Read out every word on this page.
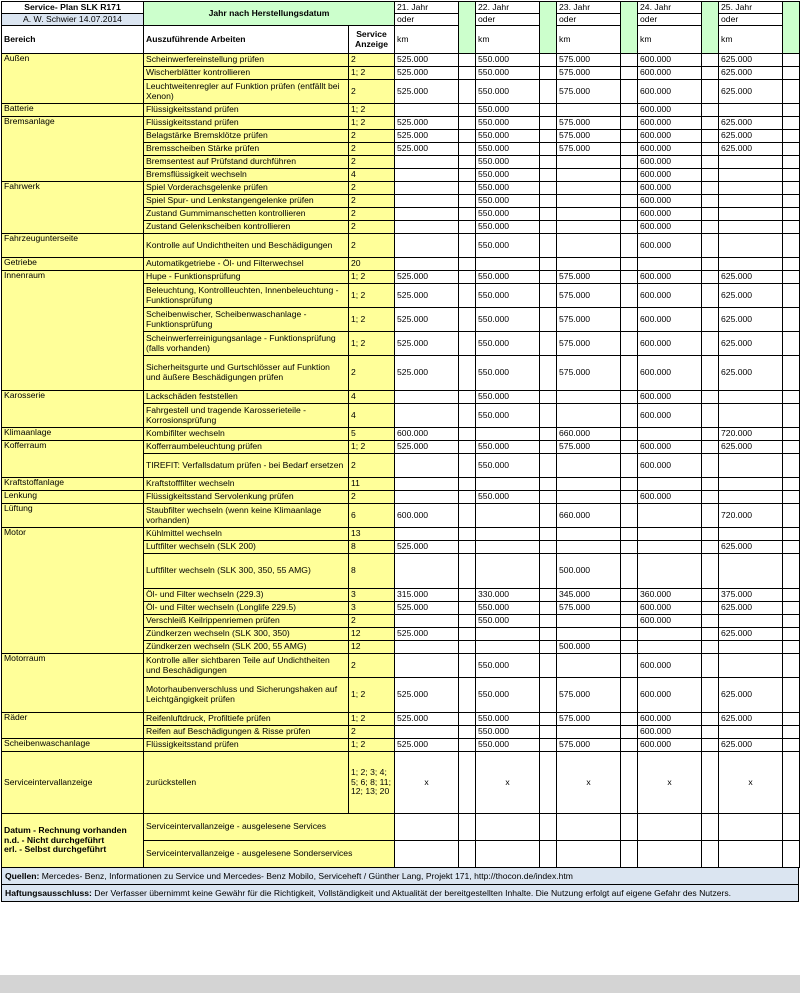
Service- Plan SLK R171	Jahr nach Herstellungsdatum		21. Jahr		22. Jahr		23. Jahr		24. Jahr		25. Jahr	
A. W. Schwier 14.07.2014			oder		oder		oder		oder		oder	
Bereich	Auszuführende Arbeiten	Service Anzeige	km		km		km		km		km	
Außen	Scheinwerfereinstellung prüfen	2	525.000		550.000		575.000		600.000		625.000	
	Wischerblätter kontrollieren	1; 2	525.000		550.000		575.000		600.000		625.000	
	Leuchtweitenregler auf Funktion prüfen (entfällt bei Xenon)	2	525.000		550.000		575.000		600.000		625.000	
Batterie	Flüssigkeitsstand prüfen	1; 2			550.000				600.000			
Bremsanlage	Flüssigkeitsstand prüfen	1; 2	525.000		550.000		575.000		600.000		625.000	
	Belagstärke Bremsklötze prüfen	2	525.000		550.000		575.000		600.000		625.000	
	Bremsscheiben Stärke prüfen	2	525.000		550.000		575.000		600.000		625.000	
	Bremsentest auf Prüfstand durchführen	2			550.000				600.000			
	Bremsflüssigkeit wechseln	4			550.000				600.000			
Fahrwerk	Spiel Vorderachsgelenke prüfen	2			550.000				600.000			
	Spiel Spur- und Lenkstangengelenke prüfen	2			550.000				600.000			
	Zustand Gummimanschetten kontrollieren	2			550.000				600.000			
	Zustand Gelenkscheiben kontrollieren	2			550.000				600.000			
Fahrzeugunterseite	Kontrolle auf Undichtheiten und Beschädigungen	2			550.000				600.000			
Getriebe	Automatikgetriebe - Öl- und Filterwechsel	20										
Innenraum	Hupe - Funktionsprüfung	1; 2	525.000		550.000		575.000		600.000		625.000	
	Beleuchtung, Kontrollleuchten, Innenbeleuchtung - Funktionsprüfung	1; 2	525.000		550.000		575.000		600.000		625.000	
	Scheibenwischer, Scheibenwaschanlage - Funktionsprüfung	1; 2	525.000		550.000		575.000		600.000		625.000	
	Scheinwerferreinigungsanlage - Funktionsprüfung (falls vorhanden)	1; 2	525.000		550.000		575.000		600.000		625.000	
	Sicherheitsgurte und Gurtschlösser auf Funktion und äußere Beschädigungen prüfen	2	525.000		550.000		575.000		600.000		625.000	
Karosserie	Lackschäden feststellen	4			550.000				600.000			
	Fahrgestell und tragende Karosserieteile - Korrosionsprüfung	4			550.000				600.000			
Klimaanlage	Kombifilter wechseln	5	600.000				660.000				720.000	
Kofferraum	Kofferraumbeleuchtung prüfen	1; 2	525.000		550.000		575.000		600.000		625.000	
	TIREFIT: Verfallsdatum prüfen - bei Bedarf ersetzen	2			550.000				600.000			
Kraftstoffanlage	Kraftstofffilter wechseln	11										
Lenkung	Flüssigkeitsstand Servolenkung prüfen	2			550.000				600.000			
Lüftung	Staubfilter wechseln (wenn keine Klimaanlage vorhanden)	6	600.000				660.000				720.000	
Motor	Kühlmittel wechseln	13										
	Luftfilter wechseln (SLK 200)	8	525.000								625.000	
	Luftfilter wechseln (SLK 300, 350, 55 AMG)	8					500.000					
	Öl- und Filter wechseln (229.3)	3	315.000		330.000		345.000		360.000		375.000	
	Öl- und Filter wechseln (Longlife 229.5)	3	525.000		550.000		575.000		600.000		625.000	
	Verschleiß Keilrippenriemen prüfen	2			550.000				600.000			
	Zündkerzen wechseln (SLK 300, 350)	12	525.000								625.000	
	Zündkerzen wechseln (SLK 200, 55 AMG)	12					500.000					
Motorraum	Kontrolle aller sichtbaren Teile auf Undichtheiten und Beschädigungen	2			550.000				600.000			
	Motorhaubenverschluss und Sicherungshaken auf Leichtgängigkeit prüfen	1; 2	525.000		550.000		575.000		600.000		625.000	
Räder	Reifenluftdruck, Profiltiefe prüfen	1; 2	525.000		550.000		575.000		600.000		625.000	
	Reifen auf Beschädigungen & Risse prüfen	2			550.000				600.000			
Scheibenwaschanlage	Flüssigkeitsstand prüfen	1; 2	525.000		550.000		575.000		600.000		625.000	
Serviceintervallanzeige	zurückstellen	1; 2; 3; 4; 5; 6; 8; 11; 12; 13; 20	x		x		x		x		x	

Datum - Rechnung vorhanden
n.d. - Nicht durchgeführt
erl. - Selbst durchgeführt	Serviceintervallanzeige - ausgelesene Services											
	Serviceintervallanzeige - ausgelesene Sonderservices											
Quellen: Mercedes- Benz, Informationen zu Service und Mercedes- Benz Mobilo, Serviceheft / Günther Lang, Projekt 171, http://thocon.de/index.htm
Haftungsausschluss: Der Verfasser übernimmt keine Gewähr für die Richtigkeit, Vollständigkeit und Aktualität der bereitgestellten Inhalte. Die Nutzung erfolgt auf eigene Gefahr des Nutzers.
